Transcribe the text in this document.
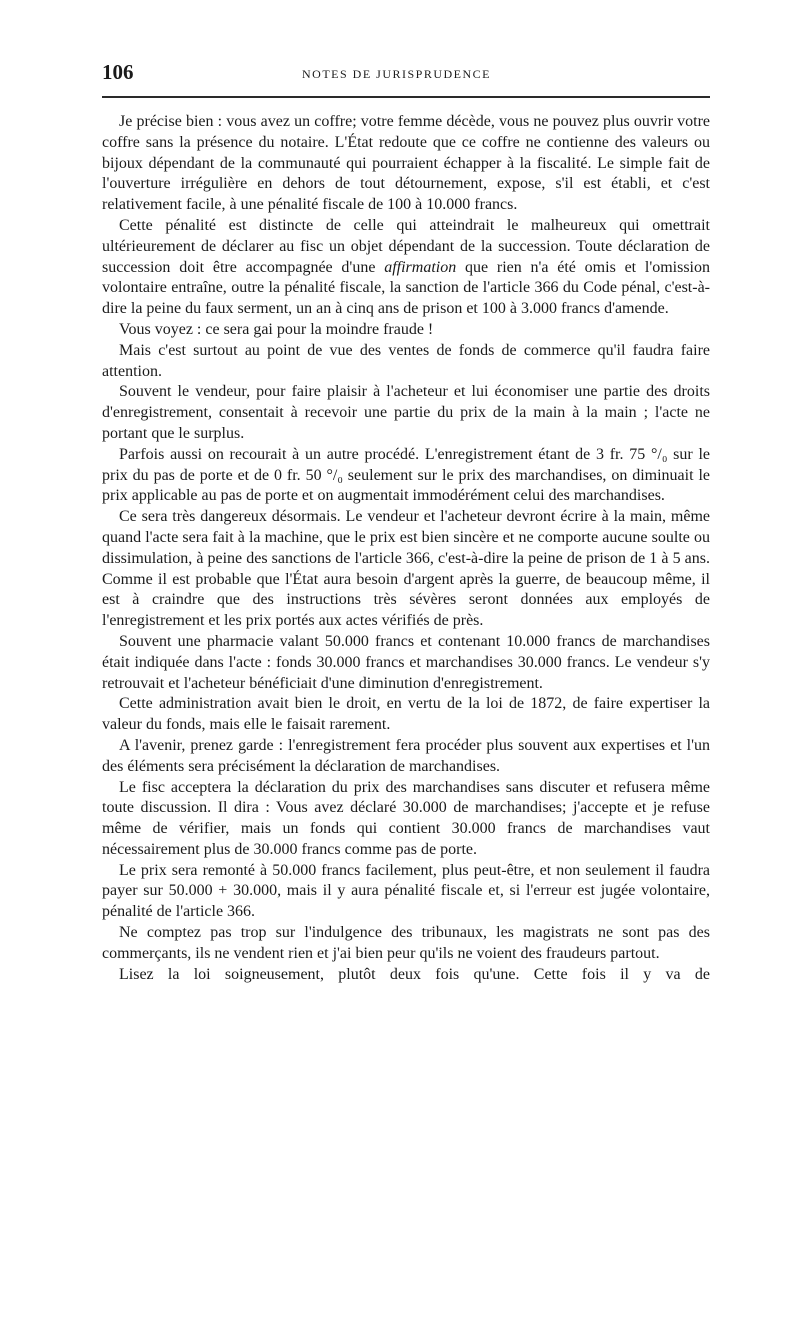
106	NOTES DE JURISPRUDENCE

Je précise bien : vous avez un coffre; votre femme décède, vous ne pouvez plus ouvrir votre coffre sans la présence du notaire. L'État redoute que ce coffre ne contienne des valeurs ou bijoux dépendant de la communauté qui pourraient échapper à la fiscalité. Le simple fait de l'ouverture irrégulière en dehors de tout détournement, expose, s'il est établi, et c'est relativement facile, à une pénalité fiscale de 100 à 10.000 francs.

Cette pénalité est distincte de celle qui atteindrait le malheureux qui omettrait ultérieurement de déclarer au fisc un objet dépendant de la succession. Toute déclaration de succession doit être accompagnée d'une affirmation que rien n'a été omis et l'omission volontaire entraîne, outre la pénalité fiscale, la sanction de l'article 366 du Code pénal, c'est-à-dire la peine du faux serment, un an à cinq ans de prison et 100 à 3.000 francs d'amende.

Vous voyez : ce sera gai pour la moindre fraude !

Mais c'est surtout au point de vue des ventes de fonds de commerce qu'il faudra faire attention.

Souvent le vendeur, pour faire plaisir à l'acheteur et lui économiser une partie des droits d'enregistrement, consentait à recevoir une partie du prix de la main à la main ; l'acte ne portant que le surplus.

Parfois aussi on recourait à un autre procédé. L'enregistrement étant de 3 fr. 75 °/₀ sur le prix du pas de porte et de 0 fr. 50 °/₀ seulement sur le prix des marchandises, on diminuait le prix applicable au pas de porte et on augmentait immodérément celui des marchandises.

Ce sera très dangereux désormais. Le vendeur et l'acheteur devront écrire à la main, même quand l'acte sera fait à la machine, que le prix est bien sincère et ne comporte aucune soulte ou dissimulation, à peine des sanctions de l'article 366, c'est-à-dire la peine de prison de 1 à 5 ans. Comme il est probable que l'État aura besoin d'argent après la guerre, de beaucoup même, il est à craindre que des instructions très sévères seront données aux employés de l'enregistrement et les prix portés aux actes vérifiés de près.

Souvent une pharmacie valant 50.000 francs et contenant 10.000 francs de marchandises était indiquée dans l'acte : fonds 30.000 francs et marchandises 30.000 francs. Le vendeur s'y retrouvait et l'acheteur bénéficiait d'une diminution d'enregistrement.

Cette administration avait bien le droit, en vertu de la loi de 1872, de faire expertiser la valeur du fonds, mais elle le faisait rarement.

A l'avenir, prenez garde : l'enregistrement fera procéder plus souvent aux expertises et l'un des éléments sera précisément la déclaration de marchandises.

Le fisc acceptera la déclaration du prix des marchandises sans discuter et refusera même toute discussion. Il dira : Vous avez déclaré 30.000 de marchandises; j'accepte et je refuse même de vérifier, mais un fonds qui contient 30.000 francs de marchandises vaut nécessairement plus de 30.000 francs comme pas de porte.

Le prix sera remonté à 50.000 francs facilement, plus peut-être, et non seulement il faudra payer sur 50.000 + 30.000, mais il y aura pénalité fiscale et, si l'erreur est jugée volontaire, pénalité de l'article 366.

Ne comptez pas trop sur l'indulgence des tribunaux, les magistrats ne sont pas des commerçants, ils ne vendent rien et j'ai bien peur qu'ils ne voient des fraudeurs partout.

Lisez la loi soigneusement, plutôt deux fois qu'une. Cette fois il y va de
